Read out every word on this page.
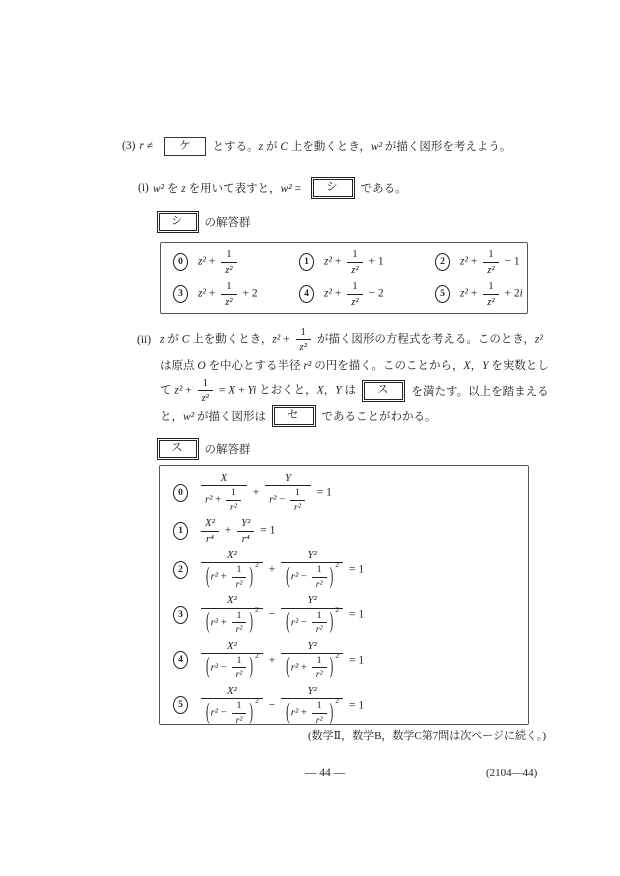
(3) r ≠	ケ	とする。z が C 上を動くとき，w² が描く図形を考えよう。
(i) w² を z を用いて表すと，w² =	シ	である。
シ	の解答群
0	$z^2 + \frac{1}{\text{z²}}$	1	$z^2 + \frac{1}{\text{z²}} + 1$	2	$z^2 + \frac{1}{\text{z²}} - 1$
3	$z^2 + \frac{1}{\text{z²}} + 2$	4	$z^2 + \frac{1}{\text{z²}} - 2$	5	$z^2 + \frac{1}{\text{z²}} + 2i$
(ii) z が C 上を動くとき，$z^2 + \frac{1}{\text{z²}}$ が描く図形の方程式を考える。このとき，z²
は原点 O を中心とする半径 r² の円を描く。このことから，X，Y を実数とし
て $z^2 + \frac{1}{\text{z²}} = X + Yi$ とおくと，X，Y は	ス	を満たす。以上を踏まえる
と，w² が描く図形は	セ	であることがわかる。
ス	の解答群
0	$\frac{X}{r^2 + \frac{1}{\text{r²}}} + \frac{Y}{r^2 - \frac{1}{\text{r²}}} = 1$
1	$\frac{\text{X²}}{\text{r⁴}} + \frac{\text{Y²}}{\text{r⁴}} = 1$
2	$\frac{\text{X²}}{(r^2 + \frac{1}{\text{r²}} ) ^2} + \frac{\text{Y²}}{(r^2 - \frac{1}{\text{r²}} ) ^2} = 1$
3	$\frac{\text{X²}}{(r^2 + \frac{1}{\text{r²}} ) ^2} - \frac{\text{Y²}}{(r^2 - \frac{1}{\text{r²}} ) ^2} = 1$
4	$\frac{\text{X²}}{(r^2 - \frac{1}{\text{r²}} ) ^2} + \frac{\text{Y²}}{(r^2 + \frac{1}{\text{r²}} ) ^2} = 1$
5	$\frac{\text{X²}}{(r^2 - \frac{1}{\text{r²}} ) ^2} - \frac{\text{Y²}}{(r^2 + \frac{1}{\text{r²}} ) ^2} = 1$
(数学Ⅱ，数学B，数学C第7問は次ページに続く。)
— 44 —	(2104—44)
